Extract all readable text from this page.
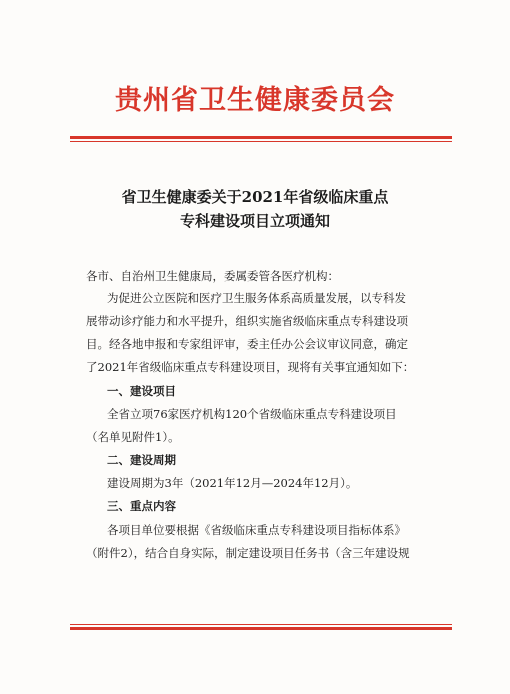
贵州省卫生健康委员会
省卫生健康委关于2021年省级临床重点
专科建设项目立项通知
各市、自治州卫生健康局，委属委管各医疗机构：
为促进公立医院和医疗卫生服务体系高质量发展，以专科发
展带动诊疗能力和水平提升，组织实施省级临床重点专科建设项
目。经各地申报和专家组评审，委主任办公会议审议同意，确定
了2021年省级临床重点专科建设项目，现将有关事宜通知如下：
一、建设项目
全省立项76家医疗机构120个省级临床重点专科建设项目
（名单见附件1）。
二、建设周期
建设周期为3年（2021年12月—2024年12月）。
三、重点内容
各项目单位要根据《省级临床重点专科建设项目指标体系》
（附件2），结合自身实际，制定建设项目任务书（含三年建设规
